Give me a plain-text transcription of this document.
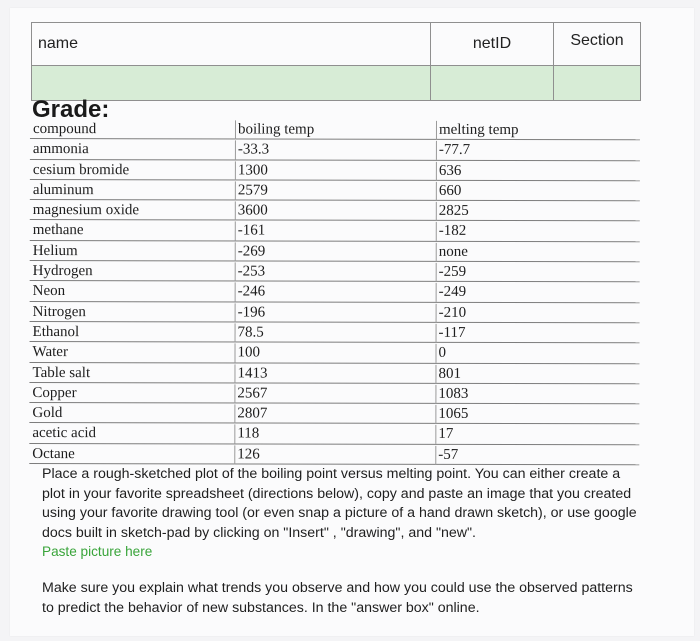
name	netID	Section

Grade:
compound	boiling temp	melting temp
ammonia	-33.3	-77.7
cesium bromide	1300	636
aluminum	2579	660
magnesium oxide	3600	2825
methane	-161	-182
Helium	-269	none
Hydrogen	-253	-259
Neon	-246	-249
Nitrogen	-196	-210
Ethanol	78.5	-117
Water	100	0
Table salt	1413	801
Copper	2567	1083
Gold	2807	1065
acetic acid	118	17
Octane	126	-57

Place a rough-sketched plot of the boiling point versus melting point. You can either create a plot in your favorite spreadsheet (directions below), copy and paste an image that you created using your favorite drawing tool (or even snap a picture of a hand drawn sketch), or use google docs built in sketch-pad by clicking on "Insert" , "drawing", and "new".

Paste picture here

Make sure you explain what trends you observe and how you could use the observed patterns to predict the behavior of new substances. In the "answer box" online.
